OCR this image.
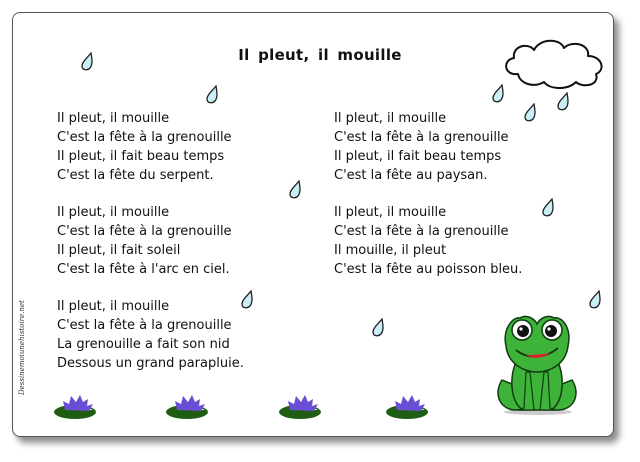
Il pleut, il mouille
Il pleut, il mouille
C'est la fête à la grenouille
Il pleut, il fait beau temps
C'est la fête du serpent.
Il pleut, il mouille
C'est la fête à la grenouille
Il pleut, il fait soleil
C'est la fête à l'arc en ciel.
Il pleut, il mouille
C'est la fête à la grenouille
La grenouille a fait son nid
Dessous un grand parapluie.
Il pleut, il mouille
C'est la fête à la grenouille
Il pleut, il fait beau temps
C'est la fête au paysan.
Il pleut, il mouille
C'est la fête à la grenouille
Il mouille, il pleut
C'est la fête au poisson bleu.
Dessinemoiunehistoire.net
